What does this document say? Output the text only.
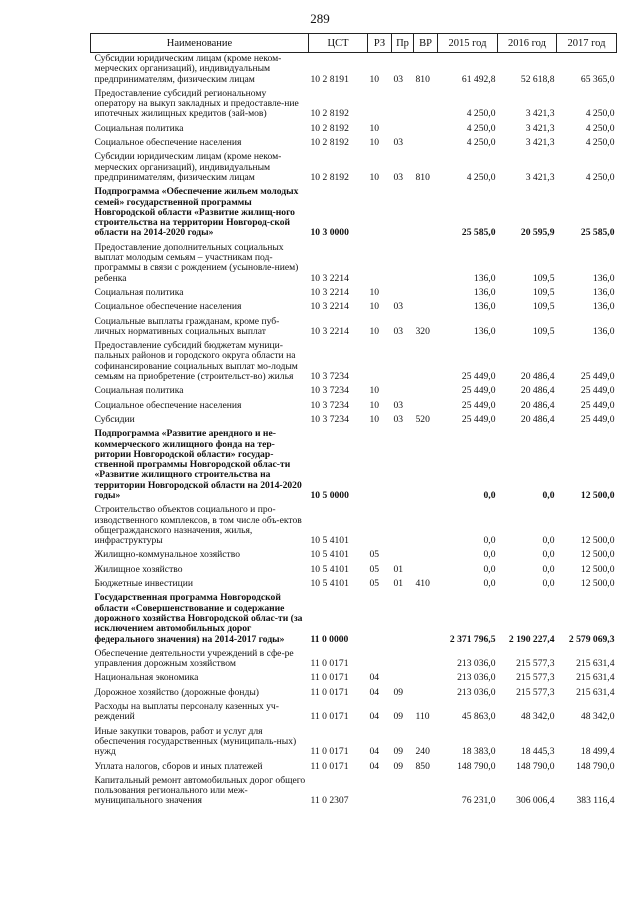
289
Наименование	ЦСТ	РЗ	Пр	ВР	2015 год	2016 год	2017 год
Субсидии юридическим лицам (кроме неком-мерческих организаций), индивидуальным предпринимателям, физическим лицам	10 2 8191	10	03	810	61 492,8	52 618,8	65 365,0
Предоставление субсидий региональному оператору на выкуп закладных и предоставле-ние ипотечных жилищных кредитов (зай-мов)	10 2 8192				4 250,0	3 421,3	4 250,0
Социальная политика	10 2 8192	10			4 250,0	3 421,3	4 250,0
Социальное обеспечение населения	10 2 8192	10	03		4 250,0	3 421,3	4 250,0
Субсидии юридическим лицам (кроме неком-мерческих организаций), индивидуальным предпринимателям, физическим лицам	10 2 8192	10	03	810	4 250,0	3 421,3	4 250,0
Подпрограмма «Обеспечение жильем молодых семей» государственной программы Новгородской области «Развитие жилищ-ного строительства на территории Новгород-ской области на 2014-2020 годы»	10 3 0000				25 585,0	20 595,9	25 585,0
Предоставление дополнительных социальных выплат молодым семьям – участникам под-программы в связи с рождением (усыновле-нием) ребенка	10 3 2214				136,0	109,5	136,0
Социальная политика	10 3 2214	10			136,0	109,5	136,0
Социальное обеспечение населения	10 3 2214	10	03		136,0	109,5	136,0
Социальные выплаты гражданам, кроме пуб-личных нормативных социальных выплат	10 3 2214	10	03	320	136,0	109,5	136,0
Предоставление субсидий бюджетам муници-пальных районов и городского округа области на софинансирование социальных выплат мо-лодым семьям на приобретение (строительст-во) жилья	10 3 7234				25 449,0	20 486,4	25 449,0
Социальная политика	10 3 7234	10			25 449,0	20 486,4	25 449,0
Социальное обеспечение населения	10 3 7234	10	03		25 449,0	20 486,4	25 449,0
Субсидии	10 3 7234	10	03	520	25 449,0	20 486,4	25 449,0
Подпрограмма «Развитие арендного и не-коммерческого жилищного фонда на тер-ритории Новгородской области» государ-ственной программы Новгородской облас-ти «Развитие жилищного строительства на территории Новгородской области на 2014-2020 годы»	10 5 0000				0,0	0,0	12 500,0
Строительство объектов социального и про-изводственного комплексов, в том числе объ-ектов общегражданского назначения, жилья, инфраструктуры	10 5 4101				0,0	0,0	12 500,0
Жилищно-коммунальное хозяйство	10 5 4101	05			0,0	0,0	12 500,0
Жилищное хозяйство	10 5 4101	05	01		0,0	0,0	12 500,0
Бюджетные инвестиции	10 5 4101	05	01	410	0,0	0,0	12 500,0
Государственная программа Новгородской области «Совершенствование и содержание дорожного хозяйства Новгородской облас-ти (за исключением автомобильных дорог федерального значения) на 2014-2017 годы»	11 0 0000				2 371 796,5	2 190 227,4	2 579 069,3
Обеспечение деятельности учреждений в сфе-ре управления дорожным хозяйством	11 0 0171				213 036,0	215 577,3	215 631,4
Национальная экономика	11 0 0171	04			213 036,0	215 577,3	215 631,4
Дорожное хозяйство (дорожные фонды)	11 0 0171	04	09		213 036,0	215 577,3	215 631,4
Расходы на выплаты персоналу казенных уч-реждений	11 0 0171	04	09	110	45 863,0	48 342,0	48 342,0
Иные закупки товаров, работ и услуг для обеспечения государственных (муниципаль-ных) нужд	11 0 0171	04	09	240	18 383,0	18 445,3	18 499,4
Уплата налогов, сборов и иных платежей	11 0 0171	04	09	850	148 790,0	148 790,0	148 790,0
Капитальный ремонт автомобильных дорог общего пользования регионального или меж-муниципального значения	11 0 2307				76 231,0	306 006,4	383 116,4
